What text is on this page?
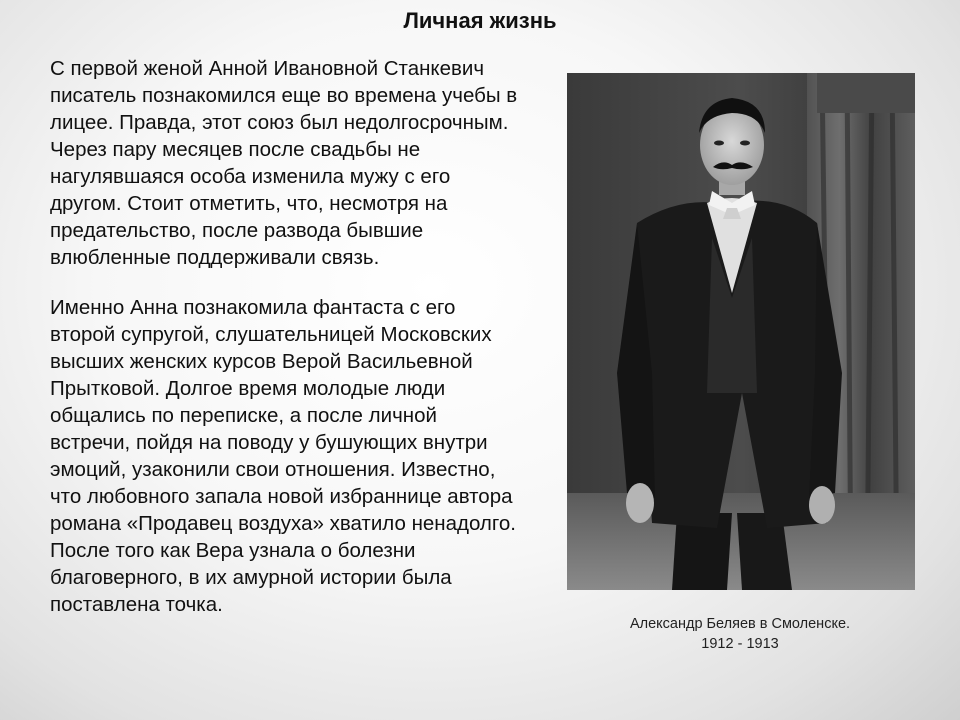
Личная жизнь

С первой женой Анной Ивановной Станкевич писатель познакомился еще во времена учебы в лицее. Правда, этот союз был недолгосрочным. Через пару месяцев после свадьбы не нагулявшаяся особа изменила мужу с его другом. Стоит отметить, что, несмотря на предательство, после развода бывшие влюбленные поддерживали связь.

Именно Анна познакомила фантаста с его второй супругой, слушательницей Московских высших женских курсов Верой Васильевной Прытковой. Долгое время молодые люди общались по переписке, а после личной встречи, пойдя на поводу у бушующих внутри эмоций, узаконили свои отношения. Известно, что любовного запала новой избраннице автора романа «Продавец воздуха» хватило ненадолго. После того как Вера узнала о болезни благоверного, в их амурной истории была поставлена точка.

Александр Беляев в Смоленске.
1912 - 1913
